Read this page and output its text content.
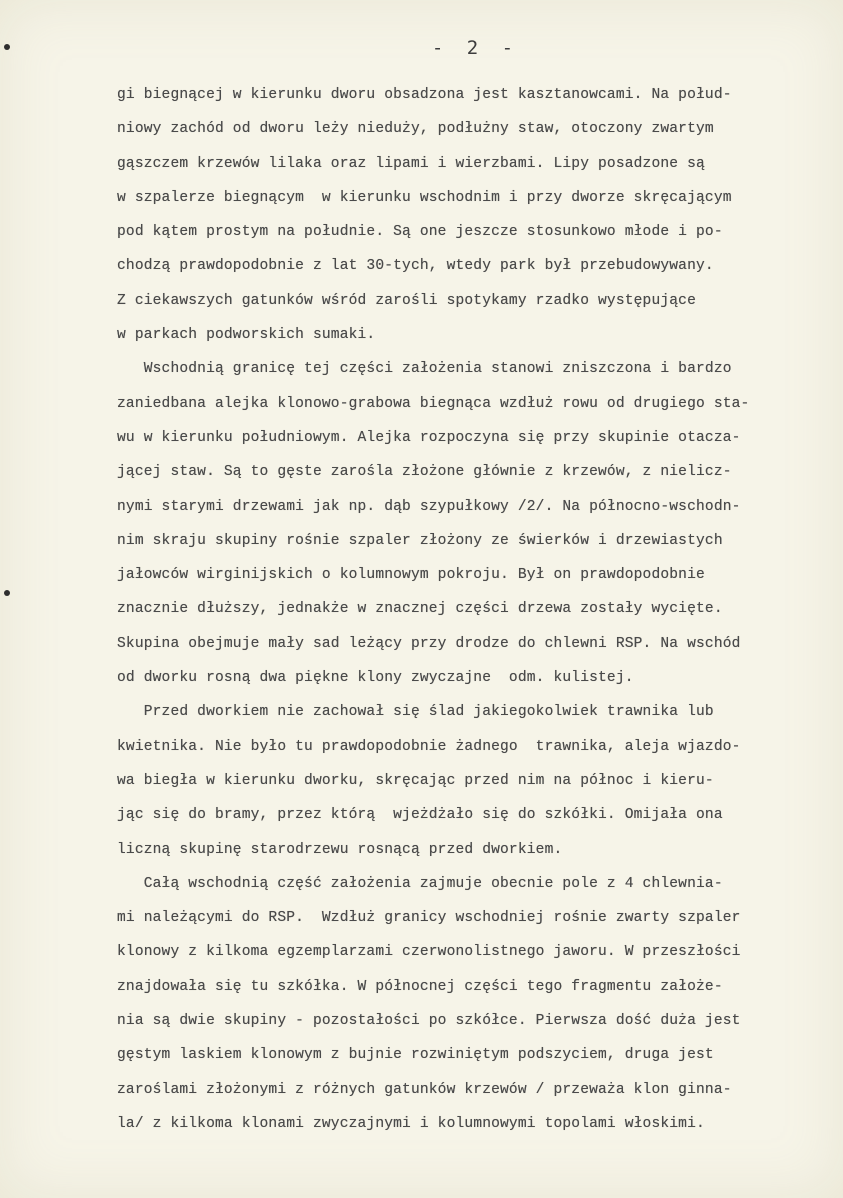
- 2 -

gi biegnącej w kierunku dworu obsadzona jest kasztanowcami. Na połud-
niowy zachód od dworu leży nieduży, podłużny staw, otoczony zwartym
gąszczem krzewów lilaka oraz lipami i wierzbami. Lipy posadzone są
w szpalerze biegnącym  w kierunku wschodnim i przy dworze skręcającym
pod kątem prostym na południe. Są one jeszcze stosunkowo młode i po-
chodzą prawdopodobnie z lat 30-tych, wtedy park był przebudowywany.
Z ciekawszych gatunków wśród zarośli spotykamy rzadko występujące
w parkach podworskich sumaki.

Wschodnią granicę tej części założenia stanowi zniszczona i bardzo
zaniedbana alejka klonowo-grabowa biegnąca wzdłuż rowu od drugiego sta-
wu w kierunku południowym. Alejka rozpoczyna się przy skupinie otacza-
jącej staw. Są to gęste zarośla złożone głównie z krzewów, z nielicz-
nymi starymi drzewami jak np. dąb szypułkowy /2/. Na północno-wschodn-
nim skraju skupiny rośnie szpaler złożony ze świerków i drzewiastych
jałowców wirginijskich o kolumnowym pokroju. Był on prawdopodobnie
znacznie dłuższy, jednakże w znacznej części drzewa zostały wycięte.
Skupina obejmuje mały sad leżący przy drodze do chlewni RSP. Na wschód
od dworku rosną dwa piękne klony zwyczajne  odm. kulistej.

Przed dworkiem nie zachował się ślad jakiegokolwiek trawnika lub
kwietnika. Nie było tu prawdopodobnie żadnego  trawnika, aleja wjazdo-
wa biegła w kierunku dworku, skręcając przed nim na północ i kieru-
jąc się do bramy, przez którą  wjeżdżało się do szkółki. Omijała ona
liczną skupinę starodrzewu rosnącą przed dworkiem.

Całą wschodnią część założenia zajmuje obecnie pole z 4 chlewnia-
mi należącymi do RSP.  Wzdłuż granicy wschodniej rośnie zwarty szpaler
klonowy z kilkoma egzemplarzami czerwonolistnego jaworu. W przeszłości
znajdowała się tu szkółka. W północnej części tego fragmentu założe-
nia są dwie skupiny - pozostałości po szkółce. Pierwsza dość duża jest
gęstym laskiem klonowym z bujnie rozwiniętym podszyciem, druga jest
zaroślami złożonymi z różnych gatunków krzewów / przeważa klon ginna-
la/ z kilkoma klonami zwyczajnymi i kolumnowymi topolami włoskimi.
